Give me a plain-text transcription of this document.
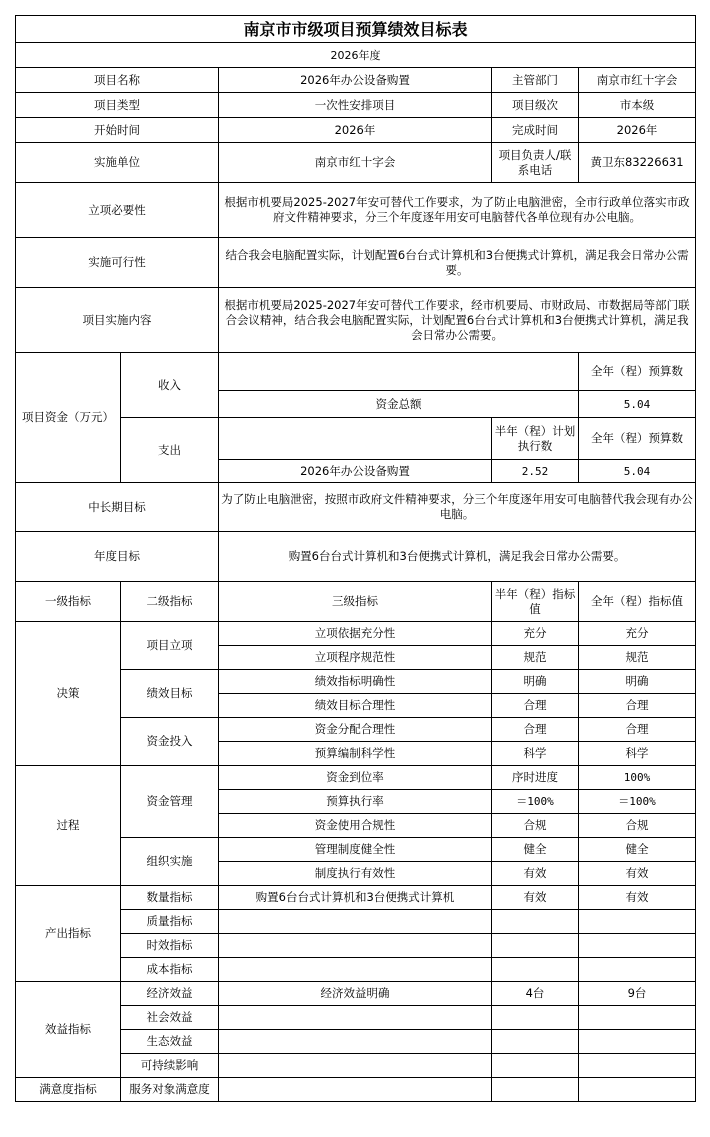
南京市市级项目预算绩效目标表				
2026年度				
项目名称		2026年办公设备购置	主管部门	南京市红十字会
项目类型		一次性安排项目	项目级次	市本级
开始时间		2026年	完成时间	2026年
实施单位		南京市红十字会	项目负责人/联系电话	黄卫东83226631
立项必要性		根据市机要局2025-2027年安可替代工作要求，为了防止电脑泄密，全市行政单位落实市政府文件精神要求，分三个年度逐年用安可电脑替代各单位现有办公电脑。		
实施可行性		结合我会电脑配置实际，计划配置6台台式计算机和3台便携式计算机，满足我会日常办公需要。		
项目实施内容		根据市机要局2025-2027年安可替代工作要求，经市机要局、市财政局、市数据局等部门联合会议精神，结合我会电脑配置实际，计划配置6台台式计算机和3台便携式计算机，满足我会日常办公需要。		
项目资金（万元）	收入			全年（程）预算数
		资金总额		5.04
	支出		半年（程）计划执行数	全年（程）预算数
		2026年办公设备购置	2.52	5.04
中长期目标		为了防止电脑泄密，按照市政府文件精神要求，分三个年度逐年用安可电脑替代我会现有办公电脑。		
年度目标		购置6台台式计算机和3台便携式计算机，满足我会日常办公需要。		
一级指标	二级指标	三级指标	半年（程）指标值	全年（程）指标值
决策	项目立项	立项依据充分性	充分	充分
		立项程序规范性	规范	规范
	绩效目标	绩效指标明确性	明确	明确
		绩效目标合理性	合理	合理
	资金投入	资金分配合理性	合理	合理
		预算编制科学性	科学	科学
过程	资金管理	资金到位率	序时进度	100%
		预算执行率	＝100%	＝100%
		资金使用合规性	合规	合规
	组织实施	管理制度健全性	健全	健全
		制度执行有效性	有效	有效
产出指标	数量指标	购置6台台式计算机和3台便携式计算机	有效	有效
	质量指标			
	时效指标			
	成本指标			
效益指标	经济效益	经济效益明确	4台	9台
	社会效益			
	生态效益			
	可持续影响			
满意度指标	服务对象满意度			
